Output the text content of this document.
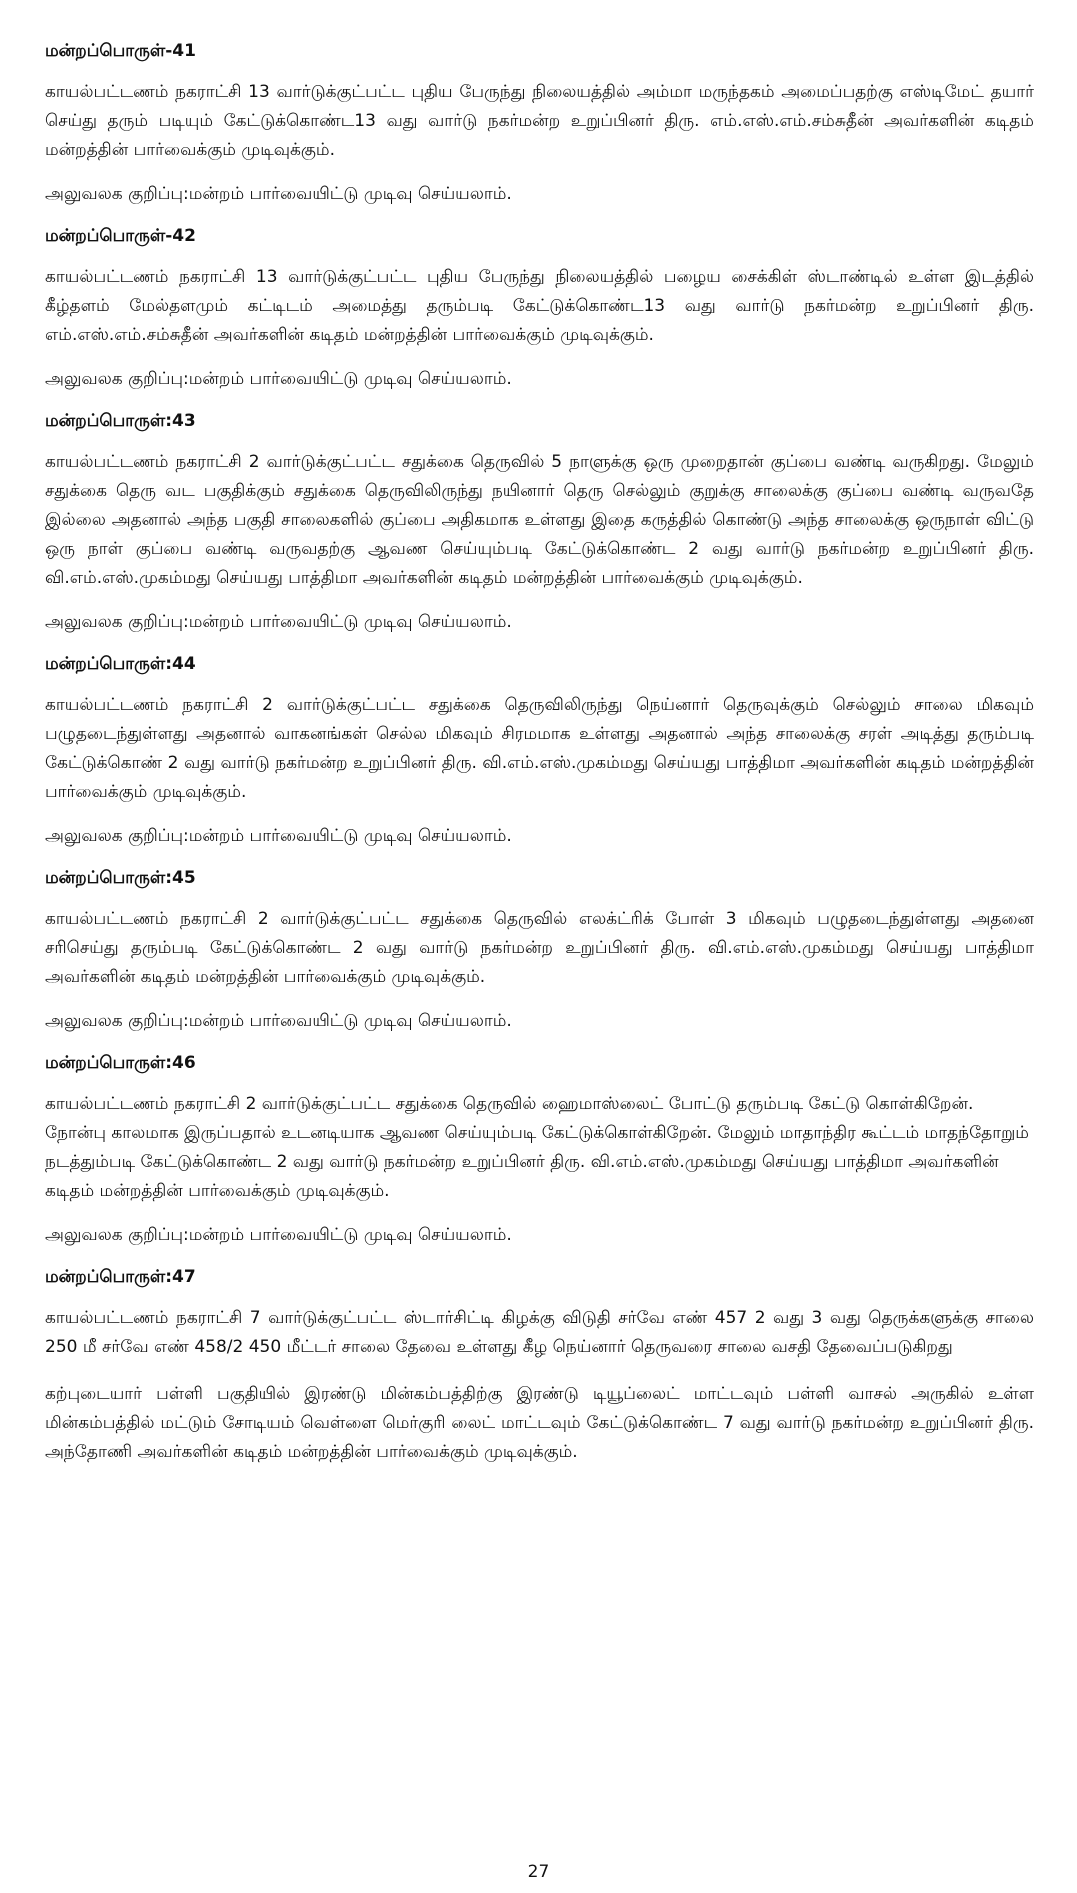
மன்றப்பொருள்-41

காயல்பட்டணம் நகராட்சி 13 வார்டுக்குட்பட்ட புதிய பேருந்து நிலையத்தில் அம்மா மருந்தகம் அமைப்பதற்கு எஸ்டிமேட் தயார் செய்து தரும் படியும் கேட்டுக்கொண்ட13 வது வார்டு நகர்மன்ற உறுப்பினர் திரு. எம்.எஸ்.எம்.சம்சுதீன் அவர்களின் கடிதம் மன்றத்தின் பார்வைக்கும் முடிவுக்கும்.

அலுவலக குறிப்பு:மன்றம் பார்வையிட்டு முடிவு செய்யலாம்.
மன்றப்பொருள்-42

காயல்பட்டணம் நகராட்சி 13 வார்டுக்குட்பட்ட புதிய பேருந்து நிலையத்தில் பழைய சைக்கிள் ஸ்டாண்டில் உள்ள இடத்தில் கீழ்தளம் மேல்தளமும் கட்டிடம் அமைத்து தரும்படி கேட்டுக்கொண்ட13 வது வார்டு நகர்மன்ற உறுப்பினர் திரு. எம்.எஸ்.எம்.சம்சுதீன் அவர்களின் கடிதம் மன்றத்தின் பார்வைக்கும் முடிவுக்கும்.

அலுவலக குறிப்பு:மன்றம் பார்வையிட்டு முடிவு செய்யலாம்.
மன்றப்பொருள்:43

காயல்பட்டணம் நகராட்சி 2 வார்டுக்குட்பட்ட சதுக்கை தெருவில் 5 நாளுக்கு ஒரு முறைதான் குப்பை வண்டி வருகிறது. மேலும் சதுக்கை தெரு வட பகுதிக்கும் சதுக்கை தெருவிலிருந்து நயினார் தெரு செல்லும் குறுக்கு சாலைக்கு குப்பை வண்டி வருவதே இல்லை அதனால் அந்த பகுதி சாலைகளில் குப்பை அதிகமாக உள்ளது இதை கருத்தில் கொண்டு அந்த சாலைக்கு ஒருநாள் விட்டு ஒரு நாள் குப்பை வண்டி வருவதற்கு ஆவண செய்யும்படி கேட்டுக்கொண்ட 2 வது வார்டு நகர்மன்ற உறுப்பினர் திரு. வி.எம்.எஸ்.முகம்மது செய்யது பாத்திமா அவர்களின் கடிதம் மன்றத்தின் பார்வைக்கும் முடிவுக்கும்.

அலுவலக குறிப்பு:மன்றம் பார்வையிட்டு முடிவு செய்யலாம்.
மன்றப்பொருள்:44

காயல்பட்டணம் நகராட்சி 2 வார்டுக்குட்பட்ட சதுக்கை தெருவிலிருந்து நெய்னார் தெருவுக்கும் செல்லும் சாலை மிகவும் பழுதடைந்துள்ளது அதனால் வாகனங்கள் செல்ல மிகவும் சிரமமாக உள்ளது அதனால் அந்த சாலைக்கு சரள் அடித்து தரும்படி கேட்டுக்கொண் 2 வது வார்டு நகர்மன்ற உறுப்பினர் திரு. வி.எம்.எஸ்.முகம்மது செய்யது பாத்திமா அவர்களின் கடிதம் மன்றத்தின் பார்வைக்கும் முடிவுக்கும்.

அலுவலக குறிப்பு:மன்றம் பார்வையிட்டு முடிவு செய்யலாம்.
மன்றப்பொருள்:45

காயல்பட்டணம் நகராட்சி 2 வார்டுக்குட்பட்ட சதுக்கை தெருவில் எலக்ட்ரிக் போள் 3 மிகவும் பழுதடைந்துள்ளது அதனை சரிசெய்து தரும்படி கேட்டுக்கொண்ட 2 வது வார்டு நகர்மன்ற உறுப்பினர் திரு. வி.எம்.எஸ்.முகம்மது செய்யது பாத்திமா அவர்களின் கடிதம் மன்றத்தின் பார்வைக்கும் முடிவுக்கும்.

அலுவலக குறிப்பு:மன்றம் பார்வையிட்டு முடிவு செய்யலாம்.
மன்றப்பொருள்:46

காயல்பட்டணம் நகராட்சி 2 வார்டுக்குட்பட்ட சதுக்கை தெருவில் ஹைமாஸ்லைட் போட்டு தரும்படி கேட்டு கொள்கிறேன். நோன்பு காலமாக இருப்பதால் உடனடியாக ஆவண செய்யும்படி கேட்டுக்கொள்கிறேன். மேலும் மாதாந்திர கூட்டம் மாதந்தோறும் நடத்தும்படி கேட்டுக்கொண்ட 2 வது வார்டு நகர்மன்ற உறுப்பினர் திரு. வி.எம்.எஸ்.முகம்மது செய்யது பாத்திமா அவர்களின் கடிதம் மன்றத்தின் பார்வைக்கும் முடிவுக்கும்.

அலுவலக குறிப்பு:மன்றம் பார்வையிட்டு முடிவு செய்யலாம்.
மன்றப்பொருள்:47

காயல்பட்டணம் நகராட்சி 7 வார்டுக்குட்பட்ட ஸ்டார்சிட்டி கிழக்கு விடுதி சர்வே எண் 457 2 வது 3 வது தெருக்களுக்கு சாலை 250 மீ சர்வே எண் 458/2 450 மீட்டர் சாலை தேவை உள்ளது கீழ நெய்னார் தெருவரை சாலை வசதி தேவைப்படுகிறது

கற்புடையார் பள்ளி பகுதியில் இரண்டு மின்கம்பத்திற்கு இரண்டு டியூப்லைட் மாட்டவும் பள்ளி வாசல் அருகில் உள்ள மின்கம்பத்தில் மட்டும் சோடியம் வெள்ளை மெர்குரி லைட் மாட்டவும் கேட்டுக்கொண்ட 7 வது வார்டு நகர்மன்ற உறுப்பினர் திரு. அந்தோணி அவர்களின் கடிதம் மன்றத்தின் பார்வைக்கும் முடிவுக்கும்.

27
